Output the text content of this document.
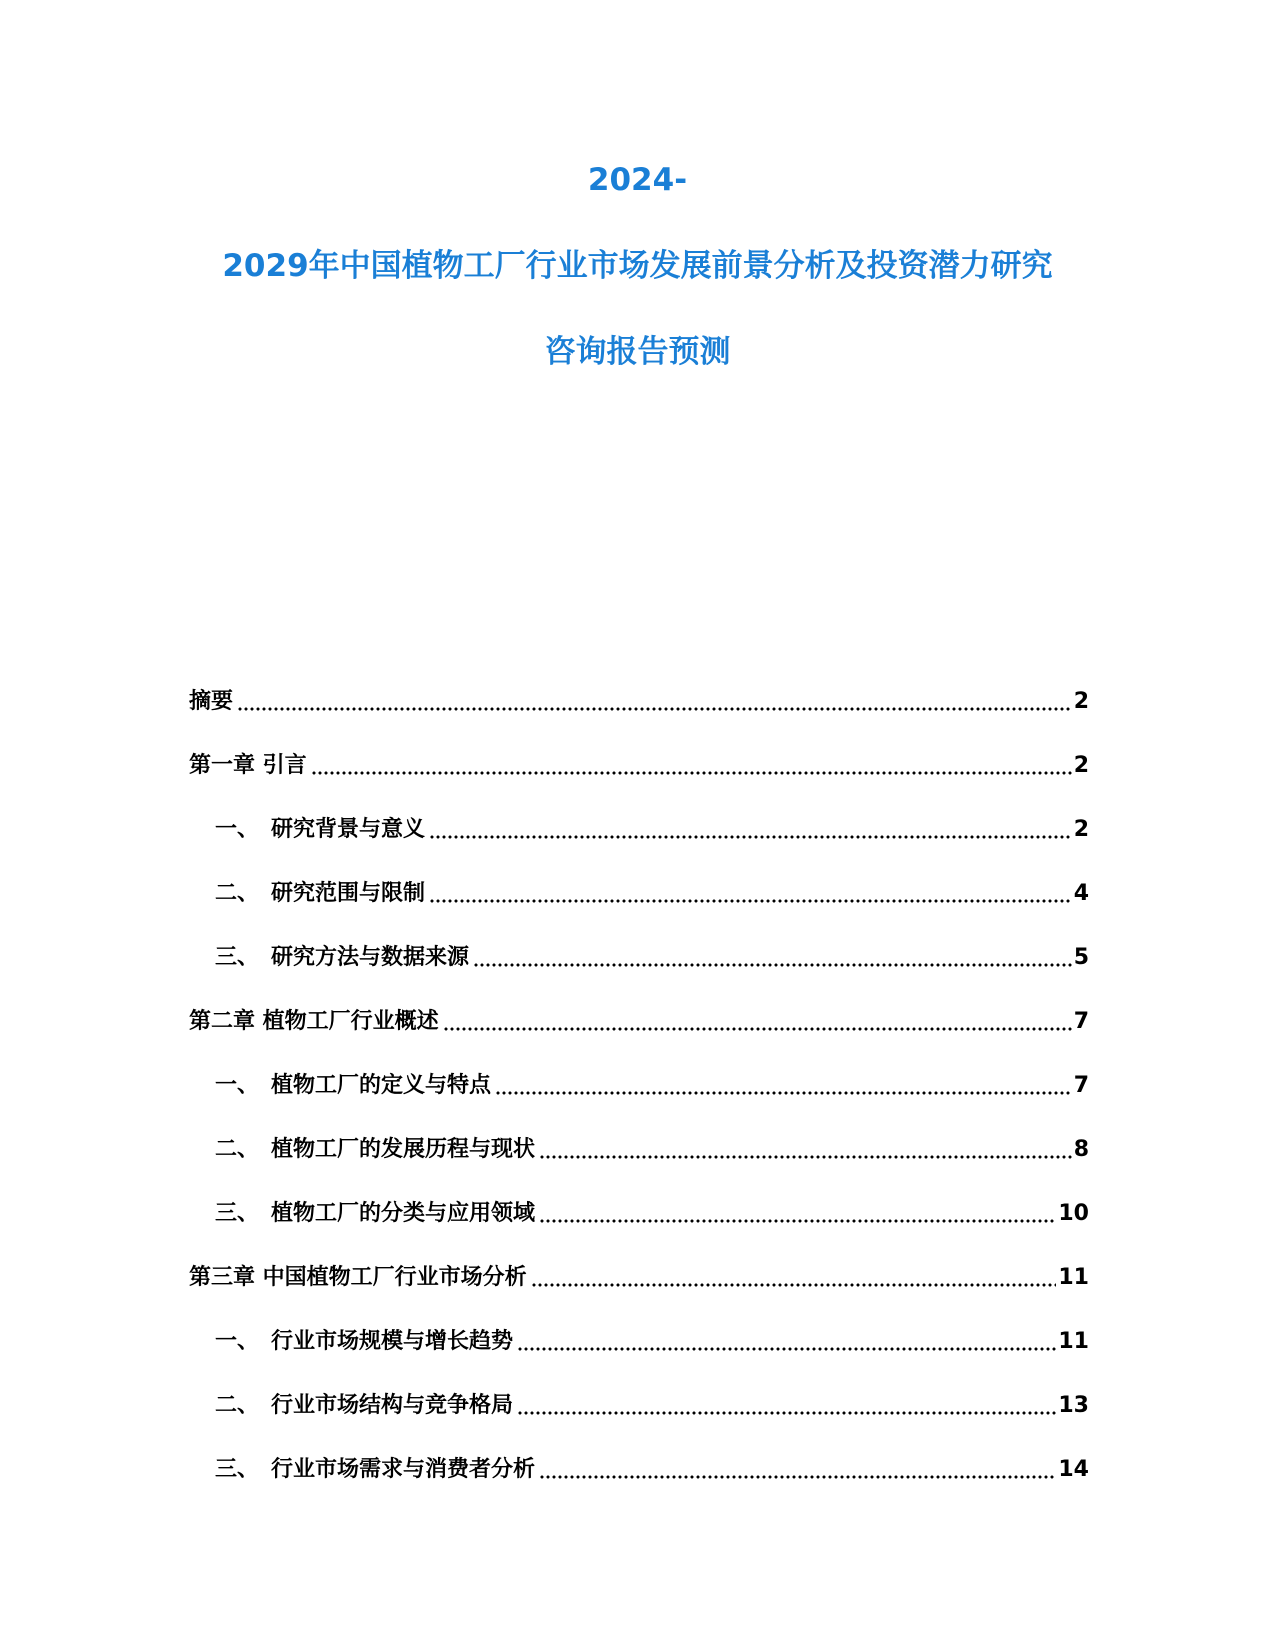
2024-
2029年中国植物工厂行业市场发展前景分析及投资潜力研究
咨询报告预测
摘要	2
第一章 引言	2
一、 研究背景与意义	2
二、 研究范围与限制	4
三、 研究方法与数据来源	5
第二章 植物工厂行业概述	7
一、 植物工厂的定义与特点	7
二、 植物工厂的发展历程与现状	8
三、 植物工厂的分类与应用领域	10
第三章 中国植物工厂行业市场分析	11
一、 行业市场规模与增长趋势	11
二、 行业市场结构与竞争格局	13
三、 行业市场需求与消费者分析	14
